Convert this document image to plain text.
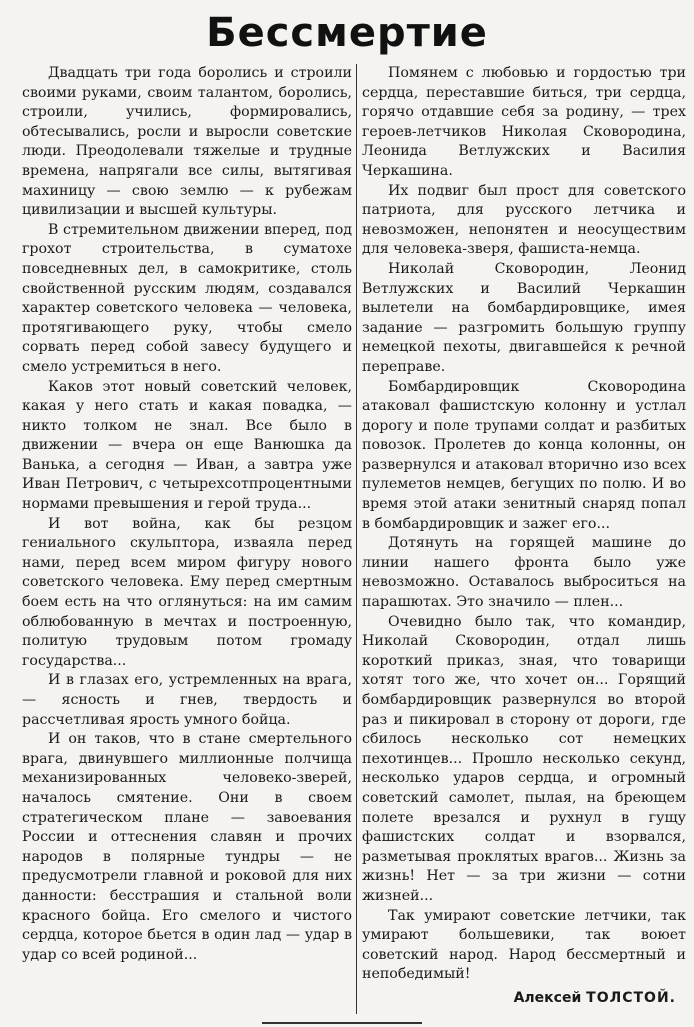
Бессмертие

Двадцать три года боролись и строили своими руками, своим талантом, боролись, строили, учились, формировались, обтесывались, росли и выросли советские люди. Преодолевали тяжелые и трудные времена, напрягали все силы, вытягивая махиницу — свою землю — к рубежам цивилизации и высшей культуры.

В стремительном движении вперед, под грохот строительства, в суматохе повседневных дел, в самокритике, столь свойственной русским людям, создавался характер советского человека — человека, протягивающего руку, чтобы смело сорвать перед собой завесу будущего и смело устремиться в него.

Каков этот новый советский человек, какая у него стать и какая повадка, — никто толком не знал. Все было в движении — вчера он еще Ванюшка да Ванька, а сегодня — Иван, а завтра уже Иван Петрович, с четырехсотпроцентными нормами превышения и герой труда...

И вот война, как бы резцом гениального скульптора, изваяла перед нами, перед всем миром фигуру нового советского человека. Ему перед смертным боем есть на что оглянуться: на им самим облюбованную в мечтах и построенную, политую трудовым потом громаду государства...

И в глазах его, устремленных на врага, — ясность и гнев, твердость и рассчетливая ярость умного бойца.

И он таков, что в стане смертельного врага, двинувшего миллионные полчища механизированных человеко-зверей, началось смятение. Они в своем стратегическом плане — завоевания России и оттеснения славян и прочих народов в полярные тундры — не предусмотрели главной и роковой для них данности: бесстрашия и стальной воли красного бойца. Его смелого и чистого сердца, которое бьется в один лад — удар в удар со всей родиной...

Помянем с любовью и гордостью три сердца, переставшие биться, три сердца, горячо отдавшие себя за родину, — трех героев-летчиков Николая Сковородина, Леонида Ветлужских и Василия Черкашина.

Их подвиг был прост для советского патриота, для русского летчика и невозможен, непонятен и неосуществим для человека-зверя, фашиста-немца.

Николай Сковородин, Леонид Ветлужских и Василий Черкашин вылетели на бомбардировщике, имея задание — разгромить большую группу немецкой пехоты, двигавшейся к речной переправе.

Бомбардировщик Сковородина атаковал фашистскую колонну и устлал дорогу и поле трупами солдат и разбитых повозок. Пролетев до конца колонны, он развернулся и атаковал вторично изо всех пулеметов немцев, бегущих по полю. И во время этой атаки зенитный снаряд попал в бомбардировщик и зажег его...

Дотянуть на горящей машине до линии нашего фронта было уже невозможно. Оставалось выброситься на парашютах. Это значило — плен...

Очевидно было так, что командир, Николай Сковородин, отдал лишь короткий приказ, зная, что товарищи хотят того же, что хочет он... Горящий бомбардировщик развернулся во второй раз и пикировал в сторону от дороги, где сбилось несколько сот немецких пехотинцев... Прошло несколько секунд, несколько ударов сердца, и огромный советский самолет, пылая, на бреющем полете врезался и рухнул в гущу фашистских солдат и взорвался, разметывая проклятых врагов... Жизнь за жизнь! Нет — за три жизни — сотни жизней...

Так умирают советские летчики, так умирают большевики, так воюет советский народ. Народ бессмертный и непобедимый!

Алексей ТОЛСТОЙ.
